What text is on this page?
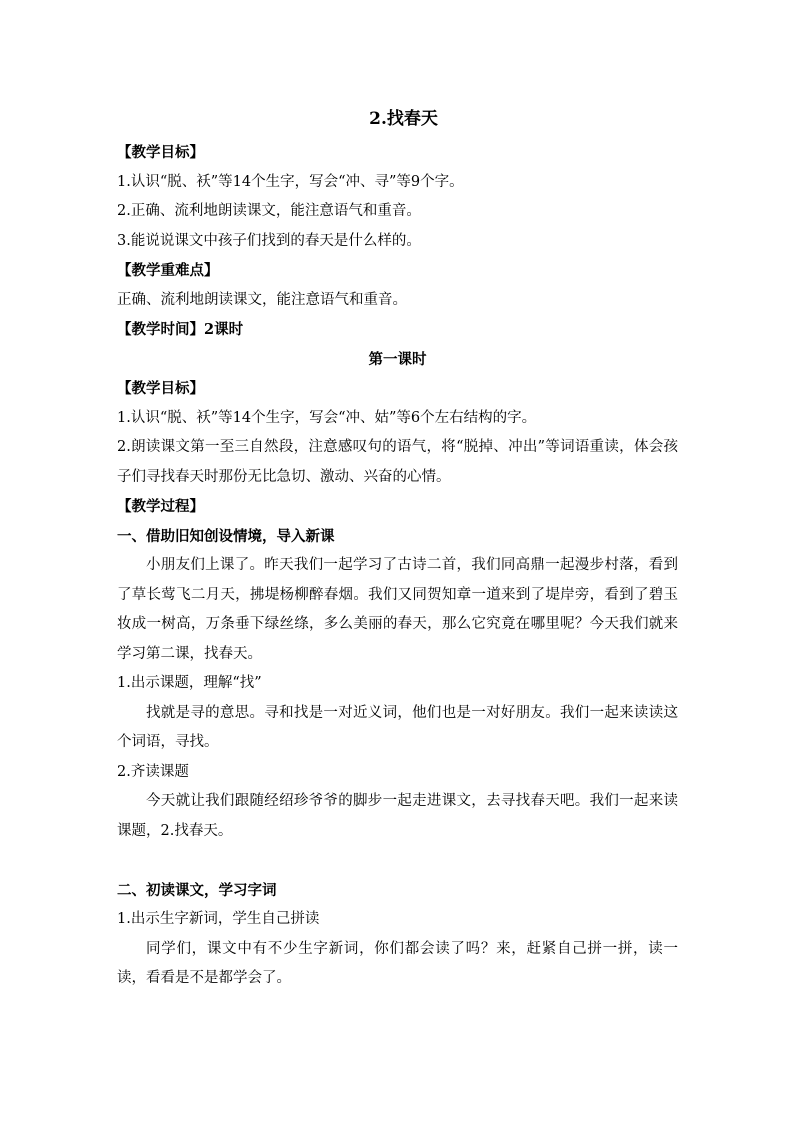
2.找春天
【教学目标】
1.认识“脱、袄”等14个生字，写会“冲、寻”等9个字。
2.正确、流利地朗读课文，能注意语气和重音。
3.能说说课文中孩子们找到的春天是什么样的。
【教学重难点】
正确、流利地朗读课文，能注意语气和重音。
【教学时间】2课时
第一课时
【教学目标】
1.认识“脱、袄”等14个生字，写会“冲、姑”等6个左右结构的字。
2.朗读课文第一至三自然段，注意感叹句的语气，将“脱掉、冲出”等词语重读，体会孩子们寻找春天时那份无比急切、激动、兴奋的心情。
【教学过程】
一、借助旧知创设情境，导入新课
小朋友们上课了。昨天我们一起学习了古诗二首，我们同高鼎一起漫步村落，看到了草长莺飞二月天，拂堤杨柳醉春烟。我们又同贺知章一道来到了堤岸旁，看到了碧玉妆成一树高，万条垂下绿丝绦，多么美丽的春天，那么它究竟在哪里呢？今天我们就来学习第二课，找春天。
1.出示课题，理解“找”
找就是寻的意思。寻和找是一对近义词，他们也是一对好朋友。我们一起来读读这个词语，寻找。
2.齐读课题
今天就让我们跟随经绍珍爷爷的脚步一起走进课文，去寻找春天吧。我们一起来读课题，2.找春天。
二、初读课文，学习字词
1.出示生字新词，学生自己拼读
同学们，课文中有不少生字新词，你们都会读了吗？来，赶紧自己拼一拼，读一读，看看是不是都学会了。
